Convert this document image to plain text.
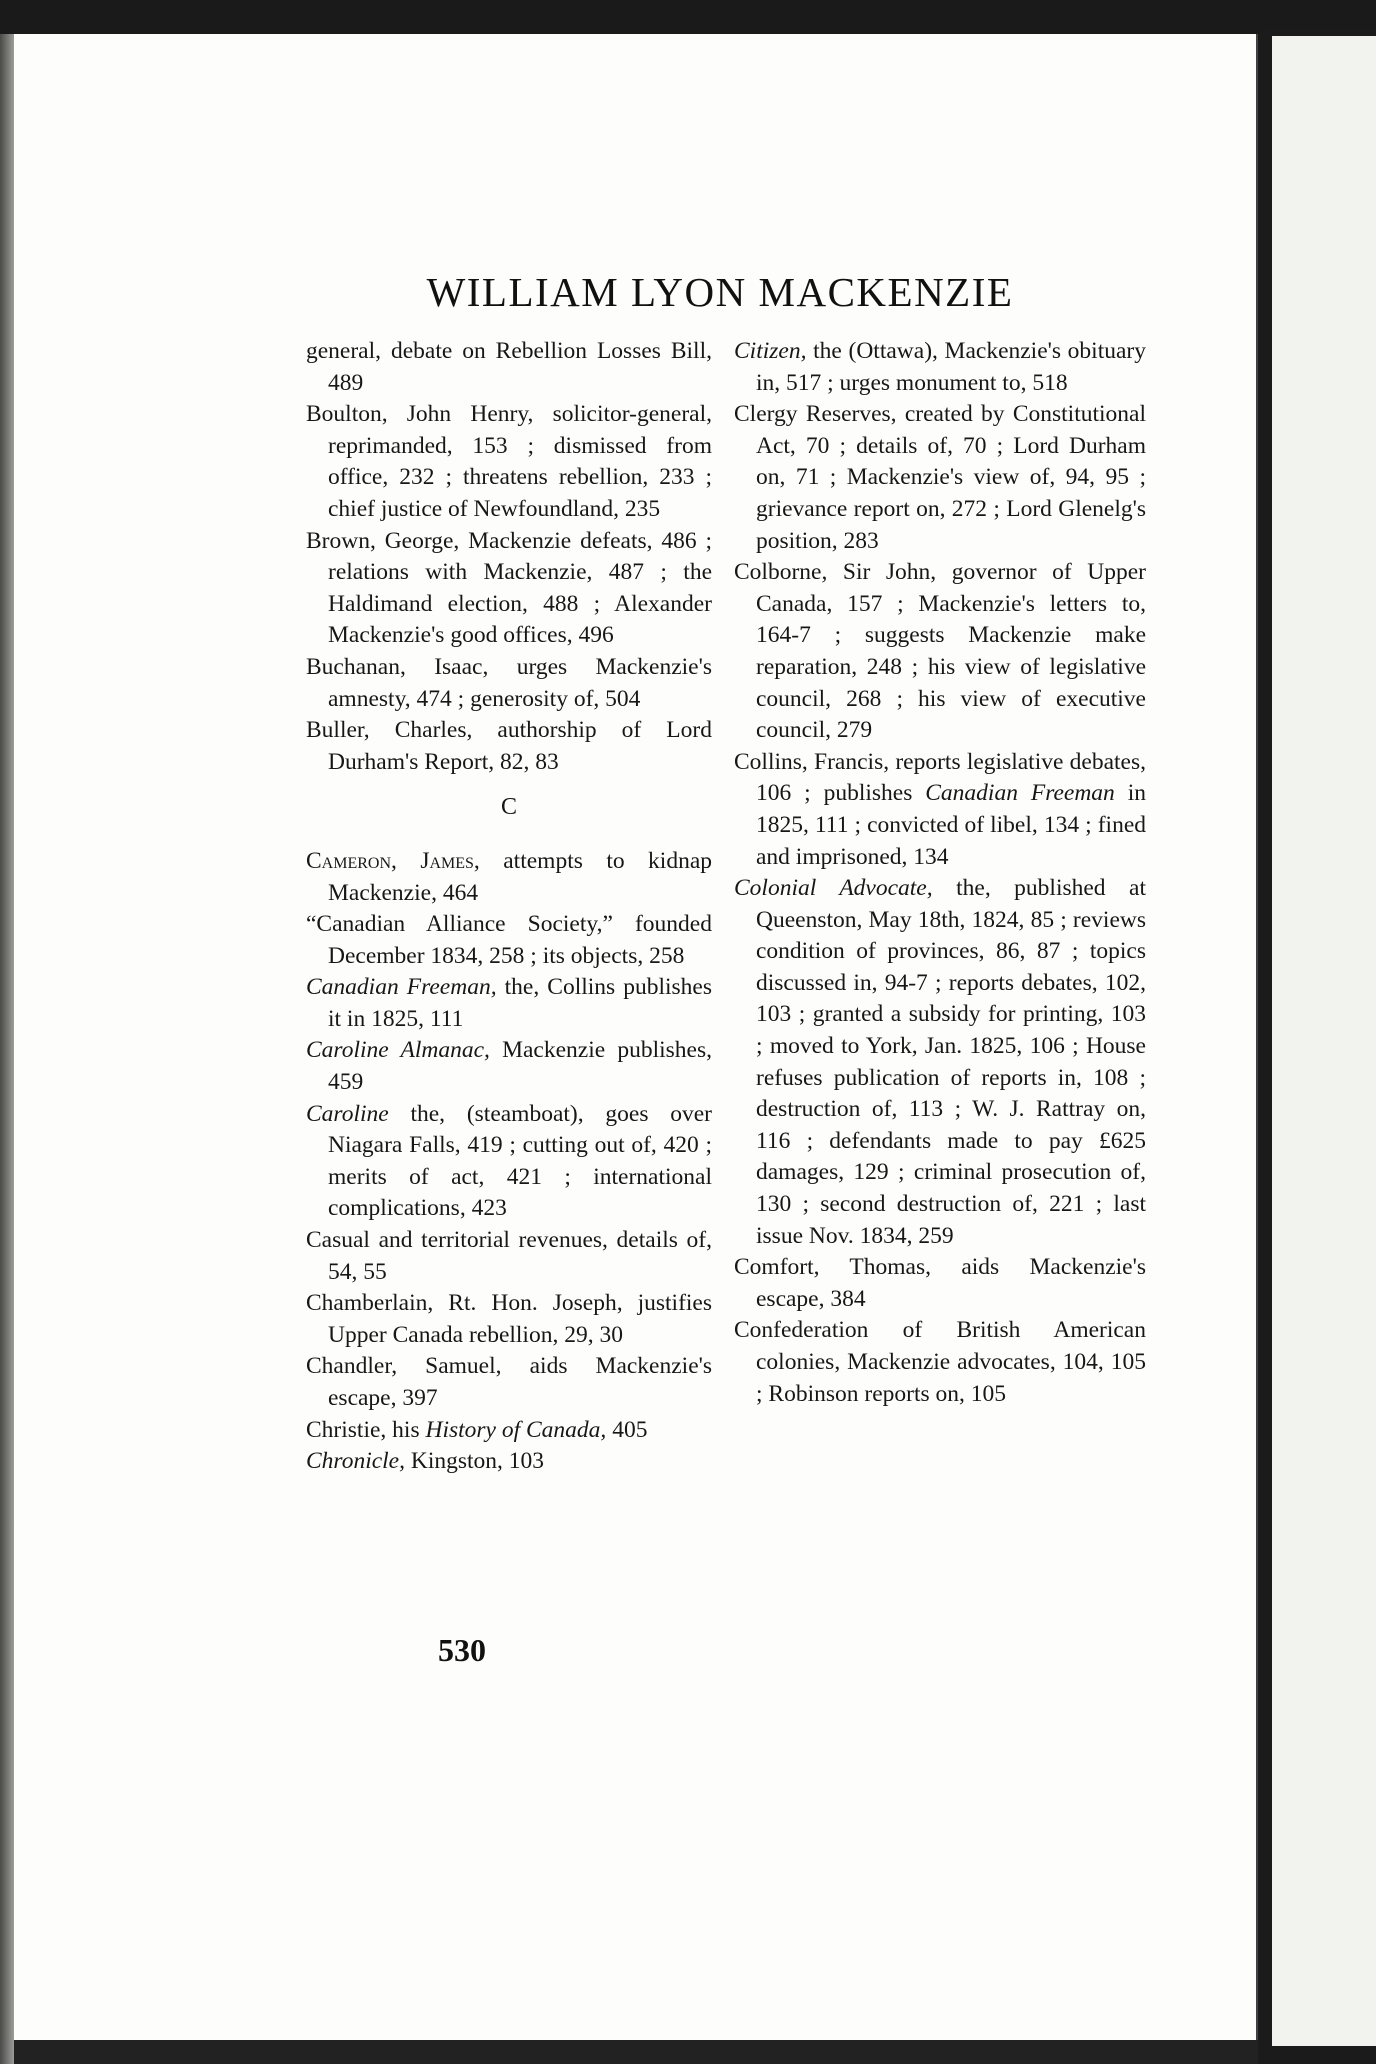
WILLIAM LYON MACKENZIE

general, debate on Rebellion Losses Bill, 489

Boulton, John Henry, solicitor-general, reprimanded, 153 ; dismissed from office, 232 ; threatens rebellion, 233 ; chief justice of Newfoundland, 235

Brown, George, Mackenzie defeats, 486 ; relations with Mackenzie, 487 ; the Haldimand election, 488 ; Alexander Mackenzie's good offices, 496

Buchanan, Isaac, urges Mackenzie's amnesty, 474 ; generosity of, 504

Buller, Charles, authorship of Lord Durham's Report, 82, 83

C

Cameron, James, attempts to kidnap Mackenzie, 464

“Canadian Alliance Society,” founded December 1834, 258 ; its objects, 258

Canadian Freeman, the, Collins publishes it in 1825, 111

Caroline Almanac, Mackenzie publishes, 459

Caroline the, (steamboat), goes over Niagara Falls, 419 ; cutting out of, 420 ; merits of act, 421 ; international complications, 423

Casual and territorial revenues, details of, 54, 55

Chamberlain, Rt. Hon. Joseph, justifies Upper Canada rebellion, 29, 30

Chandler, Samuel, aids Mackenzie's escape, 397

Christie, his History of Canada, 405

Chronicle, Kingston, 103

Citizen, the (Ottawa), Mackenzie's obituary in, 517 ; urges monument to, 518

Clergy Reserves, created by Constitutional Act, 70 ; details of, 70 ; Lord Durham on, 71 ; Mackenzie's view of, 94, 95 ; grievance report on, 272 ; Lord Glenelg's position, 283

Colborne, Sir John, governor of Upper Canada, 157 ; Mackenzie's letters to, 164-7 ; suggests Mackenzie make reparation, 248 ; his view of legislative council, 268 ; his view of executive council, 279

Collins, Francis, reports legislative debates, 106 ; publishes Canadian Freeman in 1825, 111 ; convicted of libel, 134 ; fined and imprisoned, 134

Colonial Advocate, the, published at Queenston, May 18th, 1824, 85 ; reviews condition of provinces, 86, 87 ; topics discussed in, 94-7 ; reports debates, 102, 103 ; granted a subsidy for printing, 103 ; moved to York, Jan. 1825, 106 ; House refuses publication of reports in, 108 ; destruction of, 113 ; W. J. Rattray on, 116 ; defendants made to pay £625 damages, 129 ; criminal prosecution of, 130 ; second destruction of, 221 ; last issue Nov. 1834, 259

Comfort, Thomas, aids Mackenzie's escape, 384

Confederation of British American colonies, Mackenzie advocates, 104, 105 ; Robinson reports on, 105

530
